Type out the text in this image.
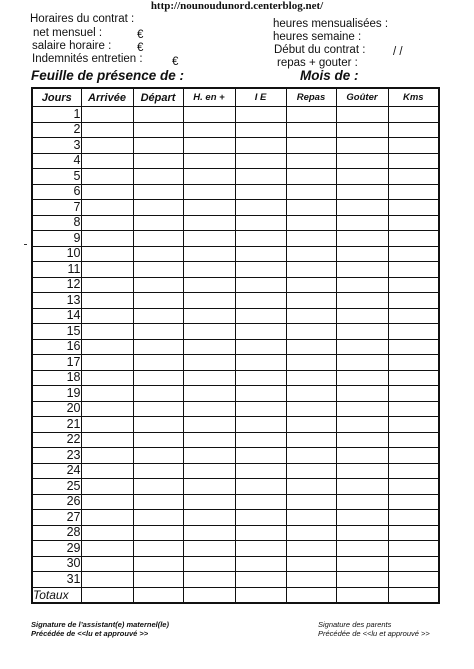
http://nounoudunord.centerblog.net/
Horaires du contrat :
net mensuel :	€
salaire horaire : €
Indemnités entretien :	€
heures mensualisées :
heures semaine :
Début du contrat : / /
repas + gouter :
Feuille de présence de :	Mois de :
Jours	Arrivée	Départ	H. en +	I E	Repas	Goûter	Kms
1							
2							
3							
4							
5							
6							
7							
8							
9							
10							
11							
12							
13							
14							
15							
16							
17							
18							
19							
20							
21							
22							
23							
24							
25							
26							
27							
28							
29							
30							
31							
Totaux							
Signature de l’assistant(e) maternel(le)
Précédée de <<lu et approuvé >>
Signature des parents
Précédée de <<lu et approuvé >>
